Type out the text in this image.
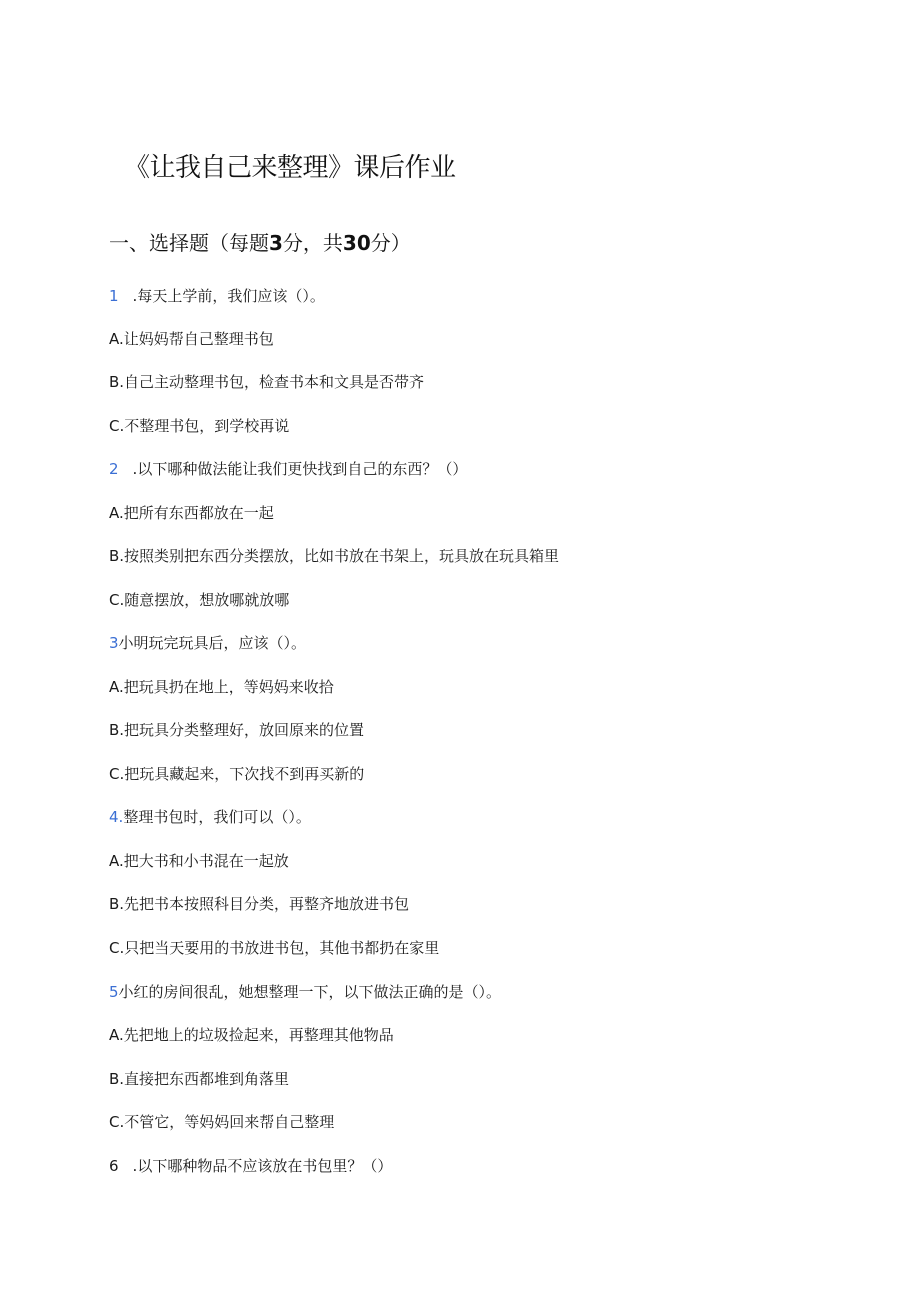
《让我自己来整理》课后作业
一、选择题（每题3分，共30分）
1 .每天上学前，我们应该（）。
A.让妈妈帮自己整理书包
B.自己主动整理书包，检查书本和文具是否带齐
C.不整理书包，到学校再说
2 .以下哪种做法能让我们更快找到自己的东西？（）
A.把所有东西都放在一起
B.按照类别把东西分类摆放，比如书放在书架上，玩具放在玩具箱里
C.随意摆放，想放哪就放哪
3小明玩完玩具后，应该（）。
A.把玩具扔在地上，等妈妈来收拾
B.把玩具分类整理好，放回原来的位置
C.把玩具藏起来，下次找不到再买新的
4.整理书包时，我们可以（）。
A.把大书和小书混在一起放
B.先把书本按照科目分类，再整齐地放进书包
C.只把当天要用的书放进书包，其他书都扔在家里
5小红的房间很乱，她想整理一下，以下做法正确的是（）。
A.先把地上的垃圾捡起来，再整理其他物品
B.直接把东西都堆到角落里
C.不管它，等妈妈回来帮自己整理
6 .以下哪种物品不应该放在书包里？（）
